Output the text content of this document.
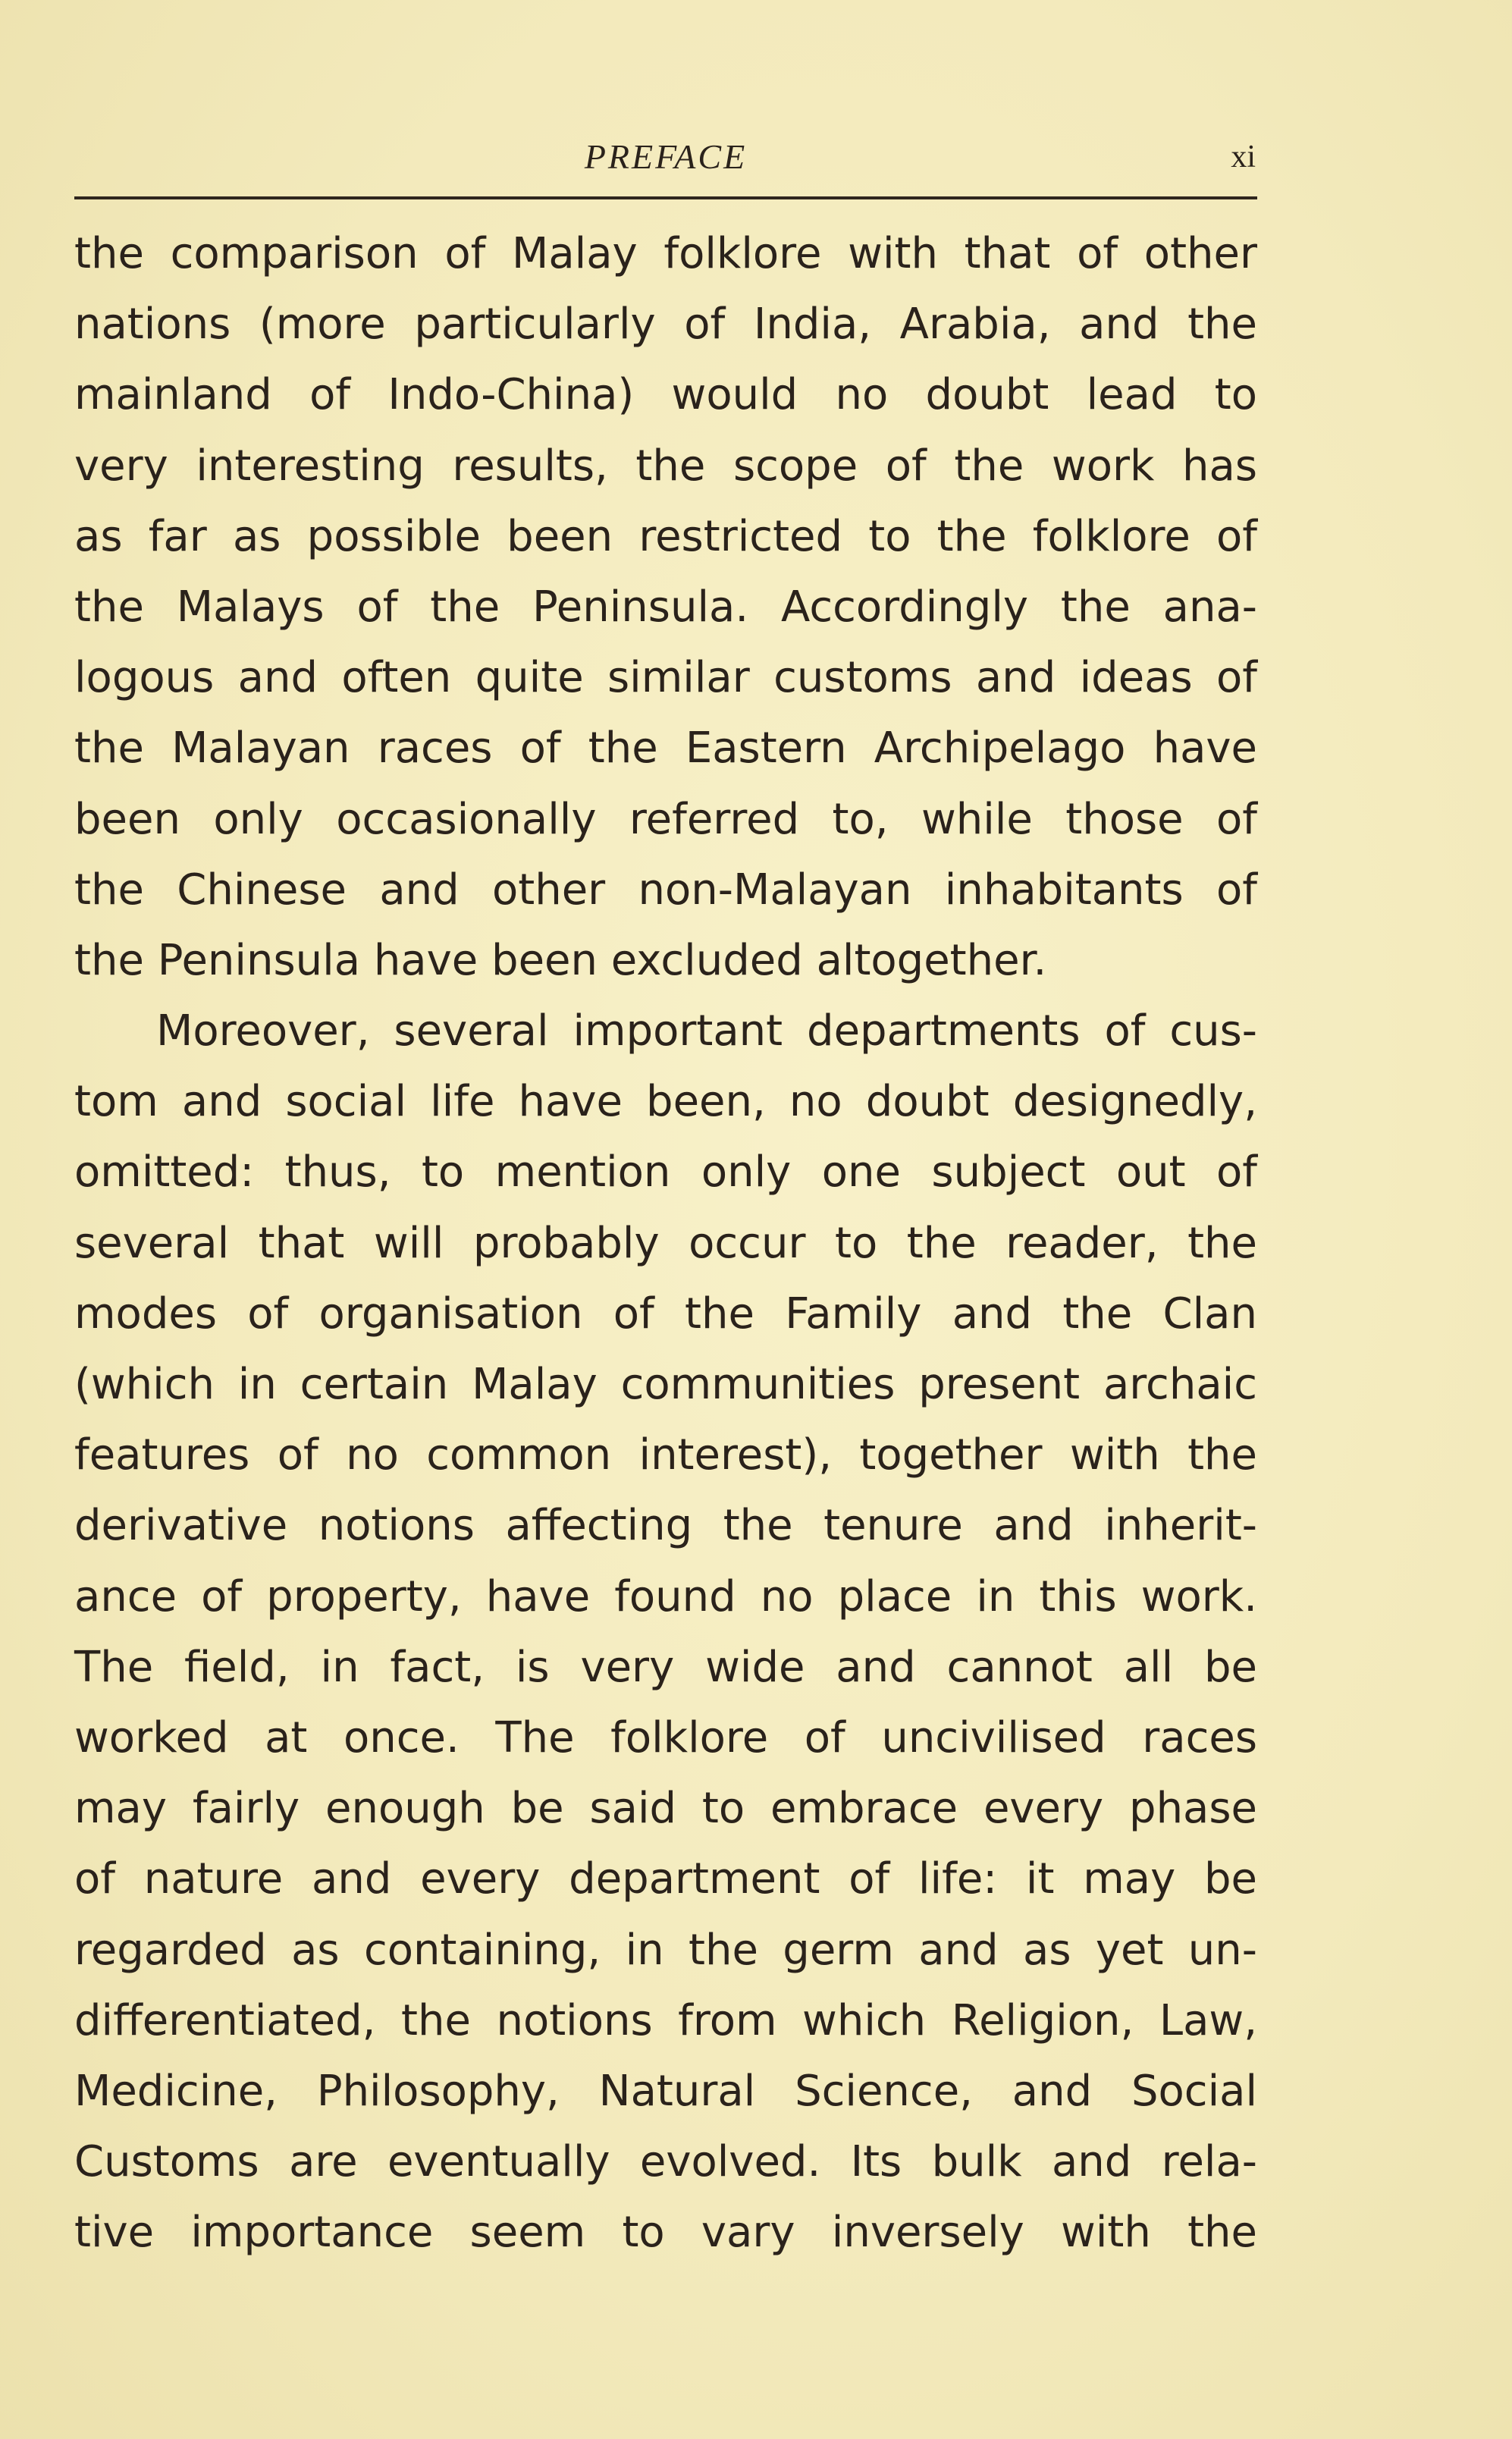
PREFACE	xi
the comparison of Malay folklore with that of other
nations (more particularly of India, Arabia, and the
mainland of Indo-China) would no doubt lead to
very interesting results, the scope of the work has
as far as possible been restricted to the folklore of
the Malays of the Peninsula. Accordingly the ana-
logous and often quite similar customs and ideas of
the Malayan races of the Eastern Archipelago have
been only occasionally referred to, while those of
the Chinese and other non-Malayan inhabitants of
the Peninsula have been excluded altogether.
Moreover, several important departments of cus-
tom and social life have been, no doubt designedly,
omitted: thus, to mention only one subject out of
several that will probably occur to the reader, the
modes of organisation of the Family and the Clan
(which in certain Malay communities present archaic
features of no common interest), together with the
derivative notions affecting the tenure and inherit-
ance of property, have found no place in this work.
The field, in fact, is very wide and cannot all be
worked at once. The folklore of uncivilised races
may fairly enough be said to embrace every phase
of nature and every department of life: it may be
regarded as containing, in the germ and as yet un-
differentiated, the notions from which Religion, Law,
Medicine, Philosophy, Natural Science, and Social
Customs are eventually evolved. Its bulk and rela-
tive importance seem to vary inversely with the
